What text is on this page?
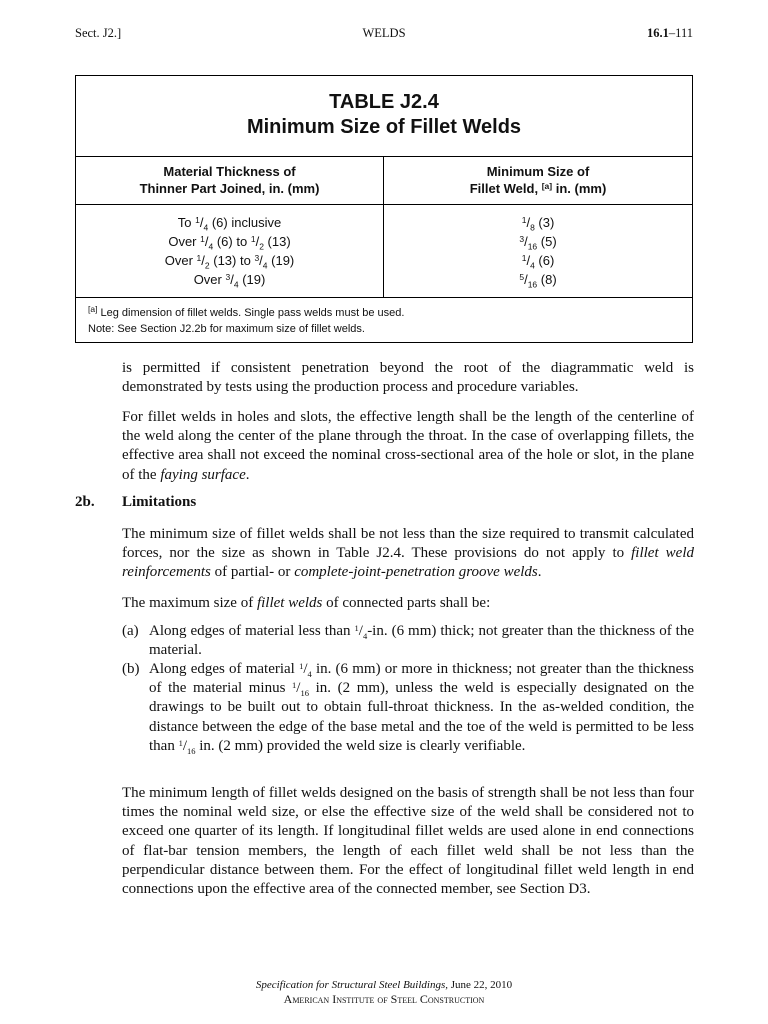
Sect. J2.]	WELDS	16.1–111
TABLE J2.4
Minimum Size of Fillet Welds
Material Thickness of
Thinner Part Joined, in. (mm)
Minimum Size of
Fillet Weld, [a] in. (mm)
To $^1/_4$ (6) inclusive
Over $^1/_4$ (6) to $^1/_2$ (13)
Over $^1/_2$ (13) to $^3/_4$ (19)
Over $^3/_4$ (19)
$^1/_8$ (3)
$^3/_{16}$ (5)
$^1/_4$ (6)
$^5/_{16}$ (8)
[a] Leg dimension of fillet welds. Single pass welds must be used.
Note: See Section J2.2b for maximum size of fillet welds.
is permitted if consistent penetration beyond the root of the diagrammatic weld is demonstrated by tests using the production process and procedure variables.
For fillet welds in holes and slots, the effective length shall be the length of the centerline of the weld along the center of the plane through the throat. In the case of overlapping fillets, the effective area shall not exceed the nominal cross-sectional area of the hole or slot, in the plane of the faying surface.
2b. Limitations
The minimum size of fillet welds shall be not less than the size required to transmit calculated forces, nor the size as shown in Table J2.4. These provisions do not apply to fillet weld reinforcements of partial- or complete-joint-penetration groove welds.
The maximum size of fillet welds of connected parts shall be:
(a) Along edges of material less than $^1/_4-in$. (6 mm) thick; not greater than the thickness of the material.
(b) Along edges of material $^1/_4$ in. (6 mm) or more in thickness; not greater than the thickness of the material minus $^1/_{16}$ in. (2 mm), unless the weld is especially designated on the drawings to be built out to obtain full-throat thickness. In the as-welded condition, the distance between the edge of the base metal and the toe of the weld is permitted to be less than $^1/_{16}$ in. (2 mm) provided the weld size is clearly verifiable.
The minimum length of fillet welds designed on the basis of strength shall be not less than four times the nominal weld size, or else the effective size of the weld shall be considered not to exceed one quarter of its length. If longitudinal fillet welds are used alone in end connections of flat-bar tension members, the length of each fillet weld shall be not less than the perpendicular distance between them. For the effect of longitudinal fillet weld length in end connections upon the effective area of the connected member, see Section D3.
Specification for Structural Steel Buildings, June 22, 2010
American Institute of Steel Construction
